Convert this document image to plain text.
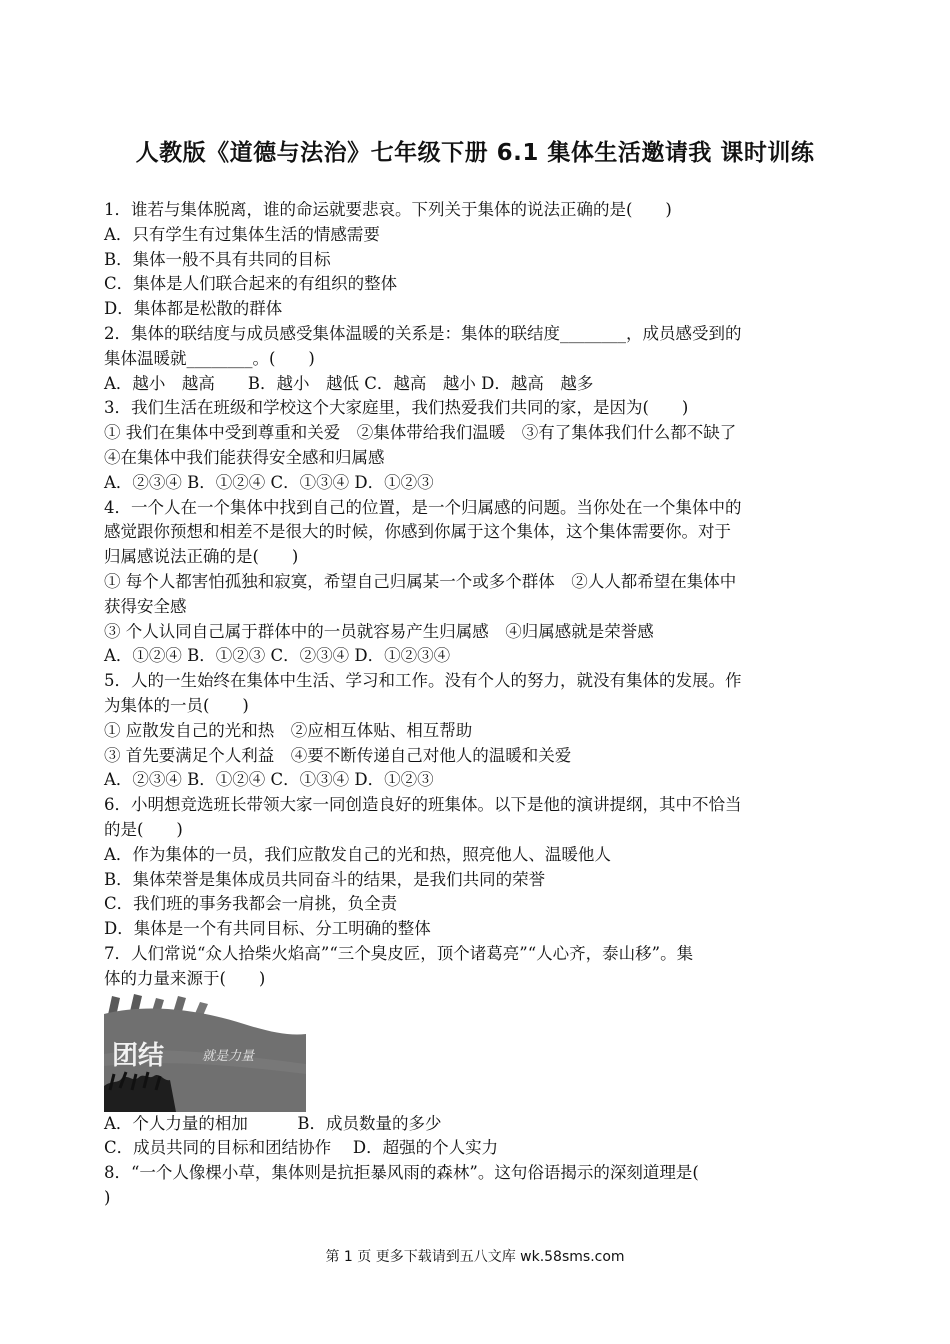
人教版《道德与法治》七年级下册 6.1 集体生活邀请我 课时训练
1．谁若与集体脱离，谁的命运就要悲哀。下列关于集体的说法正确的是(　　)
A．只有学生有过集体生活的情感需要
B．集体一般不具有共同的目标
C．集体是人们联合起来的有组织的整体
D．集体都是松散的群体
2．集体的联结度与成员感受集体温暖的关系是：集体的联结度________，成员感受到的
集体温暖就________。(　　)
A．越小　越高　　B．越小　越低 C．越高　越小 D．越高　越多
3．我们生活在班级和学校这个大家庭里，我们热爱我们共同的家，是因为(　　)
① 我们在集体中受到尊重和关爱　②集体带给我们温暖　③有了集体我们什么都不缺了
④在集体中我们能获得安全感和归属感
A．②③④ B．①②④ C．①③④ D．①②③
4．一个人在一个集体中找到自己的位置，是一个归属感的问题。当你处在一个集体中的
感觉跟你预想和相差不是很大的时候，你感到你属于这个集体，这个集体需要你。对于
归属感说法正确的是(　　)
① 每个人都害怕孤独和寂寞，希望自己归属某一个或多个群体　②人人都希望在集体中
获得安全感
③ 个人认同自己属于群体中的一员就容易产生归属感　④归属感就是荣誉感
A．①②④ B．①②③ C．②③④ D．①②③④
5．人的一生始终在集体中生活、学习和工作。没有个人的努力，就没有集体的发展。作
为集体的一员(　　)
① 应散发自己的光和热　②应相互体贴、相互帮助
③ 首先要满足个人利益　④要不断传递自己对他人的温暖和关爱
A．②③④ B．①②④ C．①③④ D．①②③
6．小明想竞选班长带领大家一同创造良好的班集体。以下是他的演讲提纲，其中不恰当
的是(　　)
A．作为集体的一员，我们应散发自己的光和热，照亮他人、温暖他人
B．集体荣誉是集体成员共同奋斗的结果，是我们共同的荣誉
C．我们班的事务我都会一肩挑，负全责
D．集体是一个有共同目标、分工明确的整体
7．人们常说“众人拾柴火焰高”“三个臭皮匠，顶个诸葛亮”“人心齐，泰山移”。集
体的力量来源于(　　)
团结	就是力量
A．个人力量的相加　　　B．成员数量的多少
C．成员共同的目标和团结协作　 D．超强的个人实力
8．“一个人像棵小草，集体则是抗拒暴风雨的森林”。这句俗语揭示的深刻道理是(
)
第 1 页 更多下载请到五八文库 wk.58sms.com
